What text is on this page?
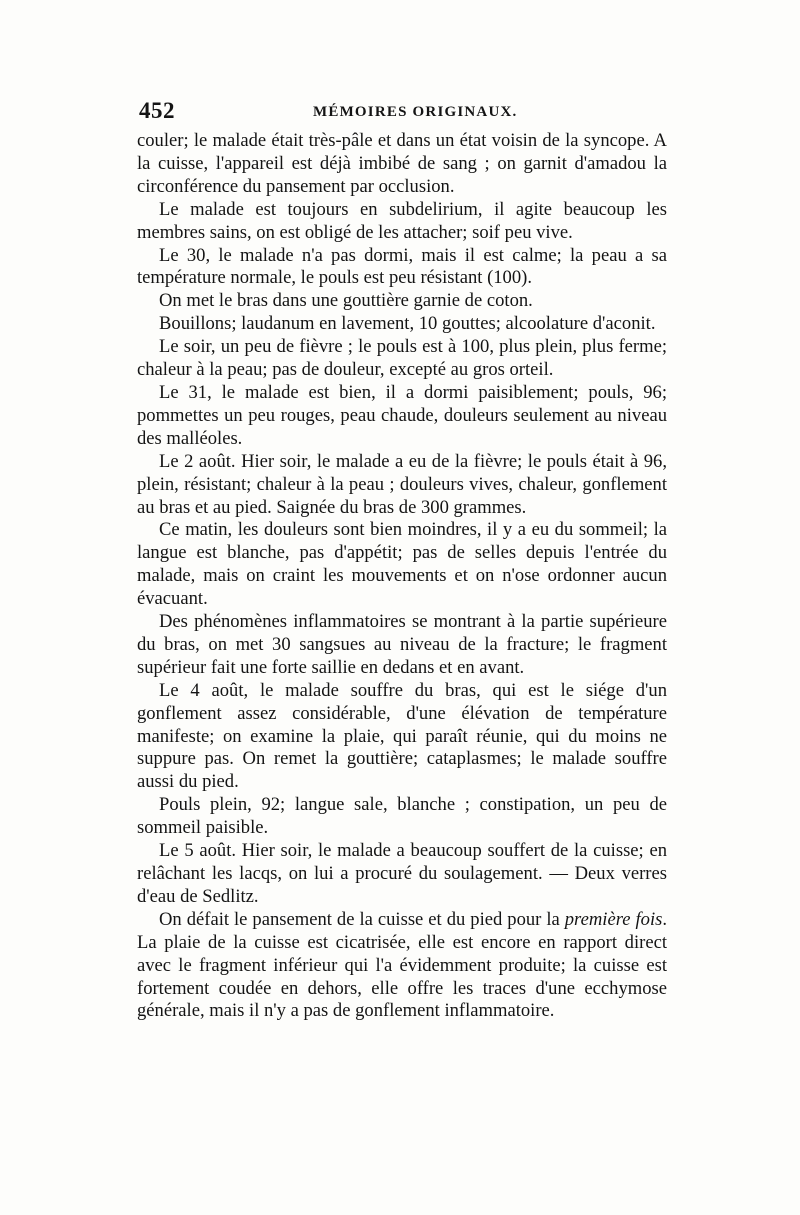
452	MÉMOIRES ORIGINAUX.

couler; le malade était très-pâle et dans un état voisin de la syncope. A la cuisse, l'appareil est déjà imbibé de sang ; on garnit d'amadou la circonférence du pansement par occlusion.

Le malade est toujours en subdelirium, il agite beaucoup les membres sains, on est obligé de les attacher; soif peu vive.

Le 30, le malade n'a pas dormi, mais il est calme; la peau a sa température normale, le pouls est peu résistant (100).

On met le bras dans une gouttière garnie de coton.

Bouillons; laudanum en lavement, 10 gouttes; alcoolature d'aconit.

Le soir, un peu de fièvre ; le pouls est à 100, plus plein, plus ferme; chaleur à la peau; pas de douleur, excepté au gros orteil.

Le 31, le malade est bien, il a dormi paisiblement; pouls, 96; pommettes un peu rouges, peau chaude, douleurs seulement au niveau des malléoles.

Le 2 août. Hier soir, le malade a eu de la fièvre; le pouls était à 96, plein, résistant; chaleur à la peau ; douleurs vives, chaleur, gonflement au bras et au pied. Saignée du bras de 300 grammes.

Ce matin, les douleurs sont bien moindres, il y a eu du sommeil; la langue est blanche, pas d'appétit; pas de selles depuis l'entrée du malade, mais on craint les mouvements et on n'ose ordonner aucun évacuant.

Des phénomènes inflammatoires se montrant à la partie supérieure du bras, on met 30 sangsues au niveau de la fracture; le fragment supérieur fait une forte saillie en dedans et en avant.

Le 4 août, le malade souffre du bras, qui est le siége d'un gonflement assez considérable, d'une élévation de température manifeste; on examine la plaie, qui paraît réunie, qui du moins ne suppure pas. On remet la gouttière; cataplasmes; le malade souffre aussi du pied.

Pouls plein, 92; langue sale, blanche ; constipation, un peu de sommeil paisible.

Le 5 août. Hier soir, le malade a beaucoup souffert de la cuisse; en relâchant les lacqs, on lui a procuré du soulagement. — Deux verres d'eau de Sedlitz.

On défait le pansement de la cuisse et du pied pour la première fois. La plaie de la cuisse est cicatrisée, elle est encore en rapport direct avec le fragment inférieur qui l'a évidemment produite; la cuisse est fortement coudée en dehors, elle offre les traces d'une ecchymose générale, mais il n'y a pas de gonflement inflammatoire.
